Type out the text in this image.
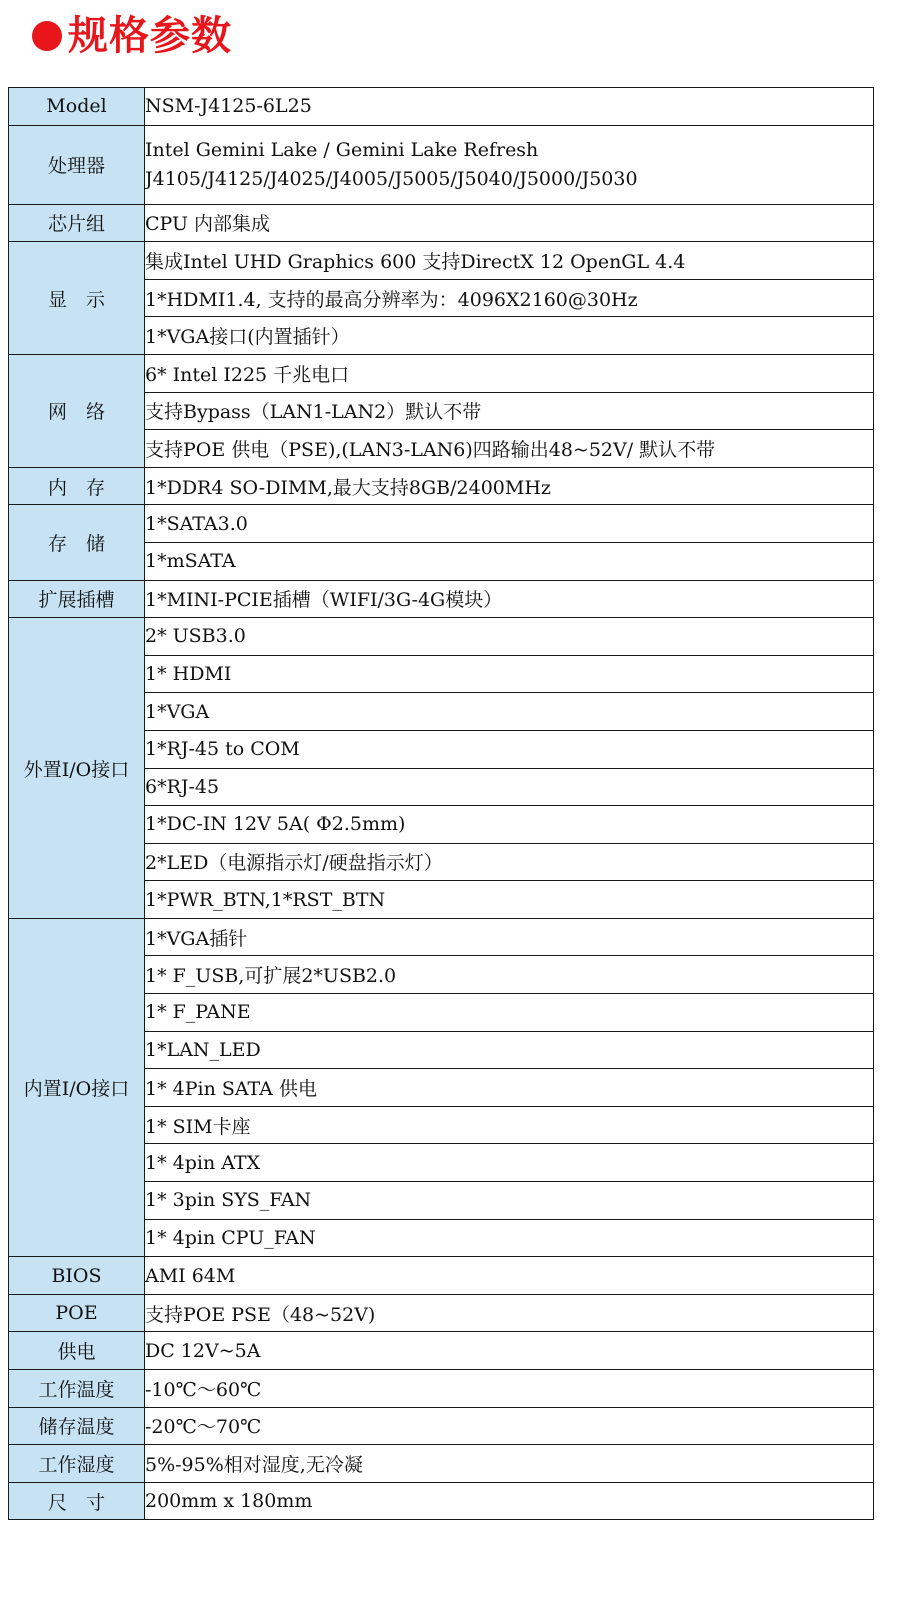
规格参数
Model	NSM-J4125-6L25
处理器	Intel Gemini Lake / Gemini Lake Refresh
J4105/J4125/J4025/J4005/J5005/J5040/J5000/J5030

芯片组	CPU 内部集成
显　示	集成Intel UHD Graphics 600 支持DirectX 12 OpenGL 4.4
	1*HDMI1.4, 支持的最高分辨率为：4096X2160@30Hz
	1*VGA接口(内置插针）
网　络	6* Intel I225 千兆电口
	支持Bypass（LAN1-LAN2）默认不带
	支持POE 供电（PSE),(LAN3-LAN6)四路输出48~52V/ 默认不带
内　存	1*DDR4 SO-DIMM,最大支持8GB/2400MHz
存　储	1*SATA3.0
	1*mSATA
扩展插槽	1*MINI-PCIE插槽（WIFI/3G-4G模块）
外置I/O接口	2* USB3.0
	1* HDMI
	1*VGA
	1*RJ-45 to COM
	6*RJ-45
	1*DC-IN 12V 5A( Φ2.5mm)
	2*LED（电源指示灯/硬盘指示灯）
	1*PWR_BTN,1*RST_BTN
内置I/O接口	1*VGA插针
	1* F_USB,可扩展2*USB2.0
	1* F_PANE
	1*LAN_LED
	1* 4Pin SATA 供电
	1* SIM卡座
	1* 4pin ATX
	1* 3pin SYS_FAN
	1* 4pin CPU_FAN
BIOS	AMI 64M
POE	支持POE PSE（48~52V)
供电	DC 12V~5A
工作温度	-10℃～60℃
储存温度	-20℃～70℃
工作湿度	5%-95%相对湿度,无冷凝
尺　寸	200mm x 180mm
